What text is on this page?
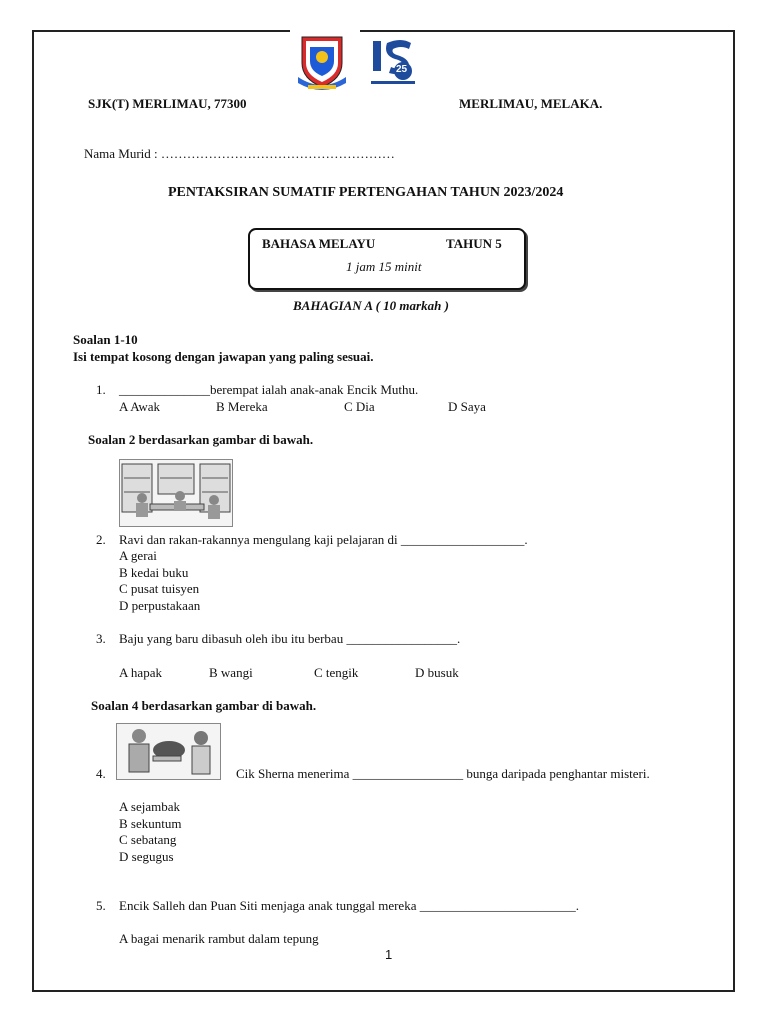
25
SJK(T) MERLIMAU, 77300	MERLIMAU, MELAKA.
Nama Murid : ………………………………………………
PENTAKSIRAN SUMATIF PERTENGAHAN TAHUN 2023/2024
BAHASA MELAYU	TAHUN 5
1 jam 15 minit
BAHAGIAN A ( 10 markah )
Soalan 1-10
Isi tempat kosong dengan jawapan yang paling sesuai.
1. ______________berempat ialah anak-anak Encik Muthu.
A Awak	B Mereka	C Dia	D Saya
Soalan 2 berdasarkan gambar di bawah.
2. Ravi dan rakan-rakannya mengulang kaji pelajaran di ___________________.
A gerai
B kedai buku
C pusat tuisyen
D perpustakaan
3. Baju yang baru dibasuh oleh ibu itu berbau _________________.
A hapak	B wangi	C tengik	D busuk
Soalan 4 berdasarkan gambar di bawah.
4.	Cik Sherna menerima _________________ bunga daripada penghantar misteri.
A sejambak
B sekuntum
C sebatang
D segugus
5. Encik Salleh dan Puan Siti menjaga anak tunggal mereka ________________________.
A bagai menarik rambut dalam tepung
1
